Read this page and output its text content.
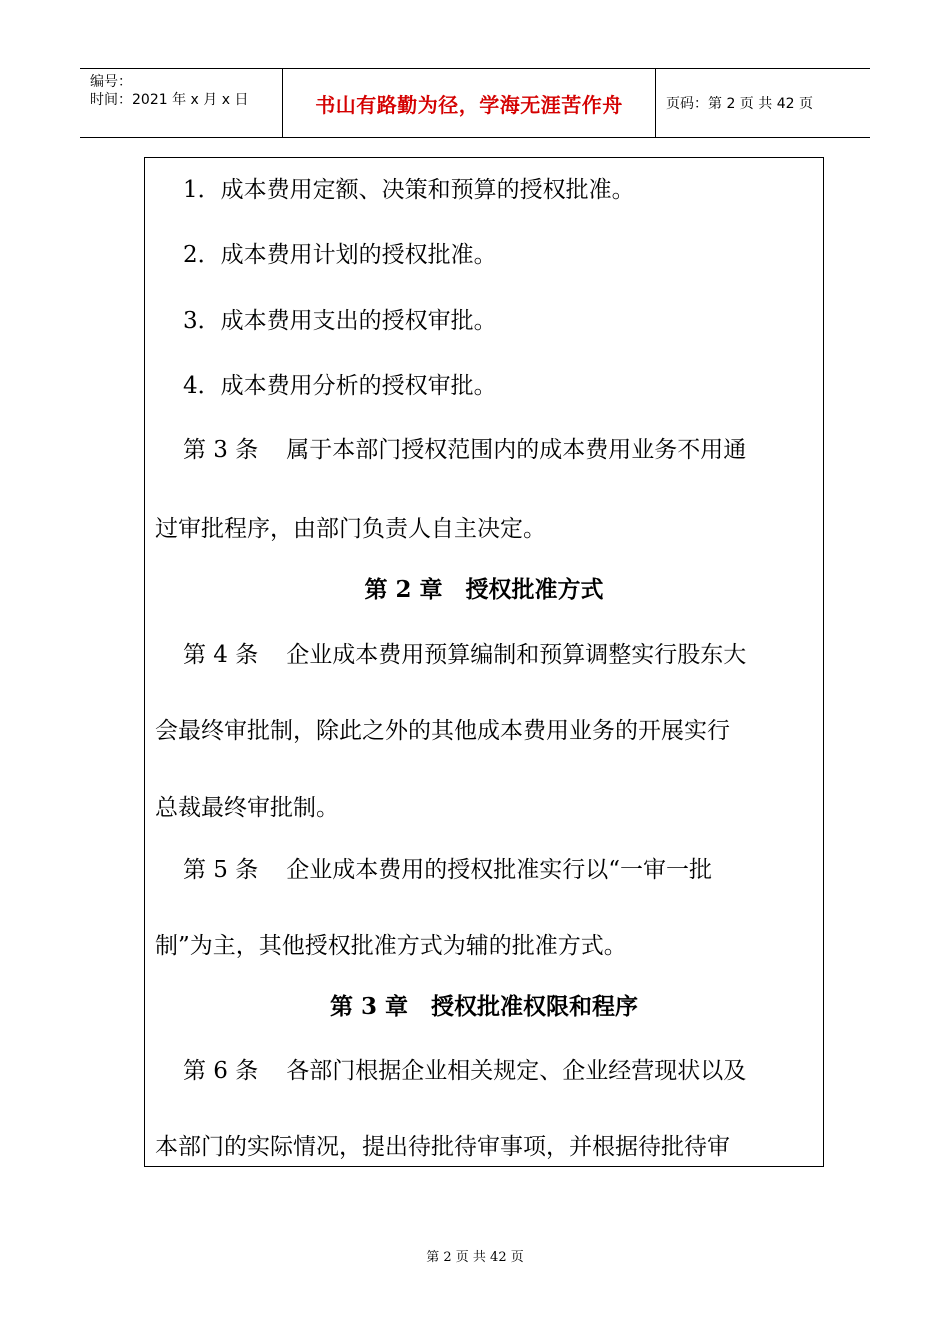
编号：
时间：2021 年 x 月 x 日	书山有路勤为径，学海无涯苦作舟	页码：第 2 页 共 42 页
1．成本费用定额、决策和预算的授权批准。
2．成本费用计划的授权批准。
3．成本费用支出的授权审批。
4．成本费用分析的授权审批。
第 3 条 属于本部门授权范围内的成本费用业务不用通
过审批程序，由部门负责人自主决定。
第 2 章　授权批准方式
第 4 条 企业成本费用预算编制和预算调整实行股东大
会最终审批制，除此之外的其他成本费用业务的开展实行
总裁最终审批制。
第 5 条 企业成本费用的授权批准实行以“一审一批
制”为主，其他授权批准方式为辅的批准方式。
第 3 章　授权批准权限和程序
第 6 条 各部门根据企业相关规定、企业经营现状以及
本部门的实际情况，提出待批待审事项，并根据待批待审
第 2 页 共 42 页
